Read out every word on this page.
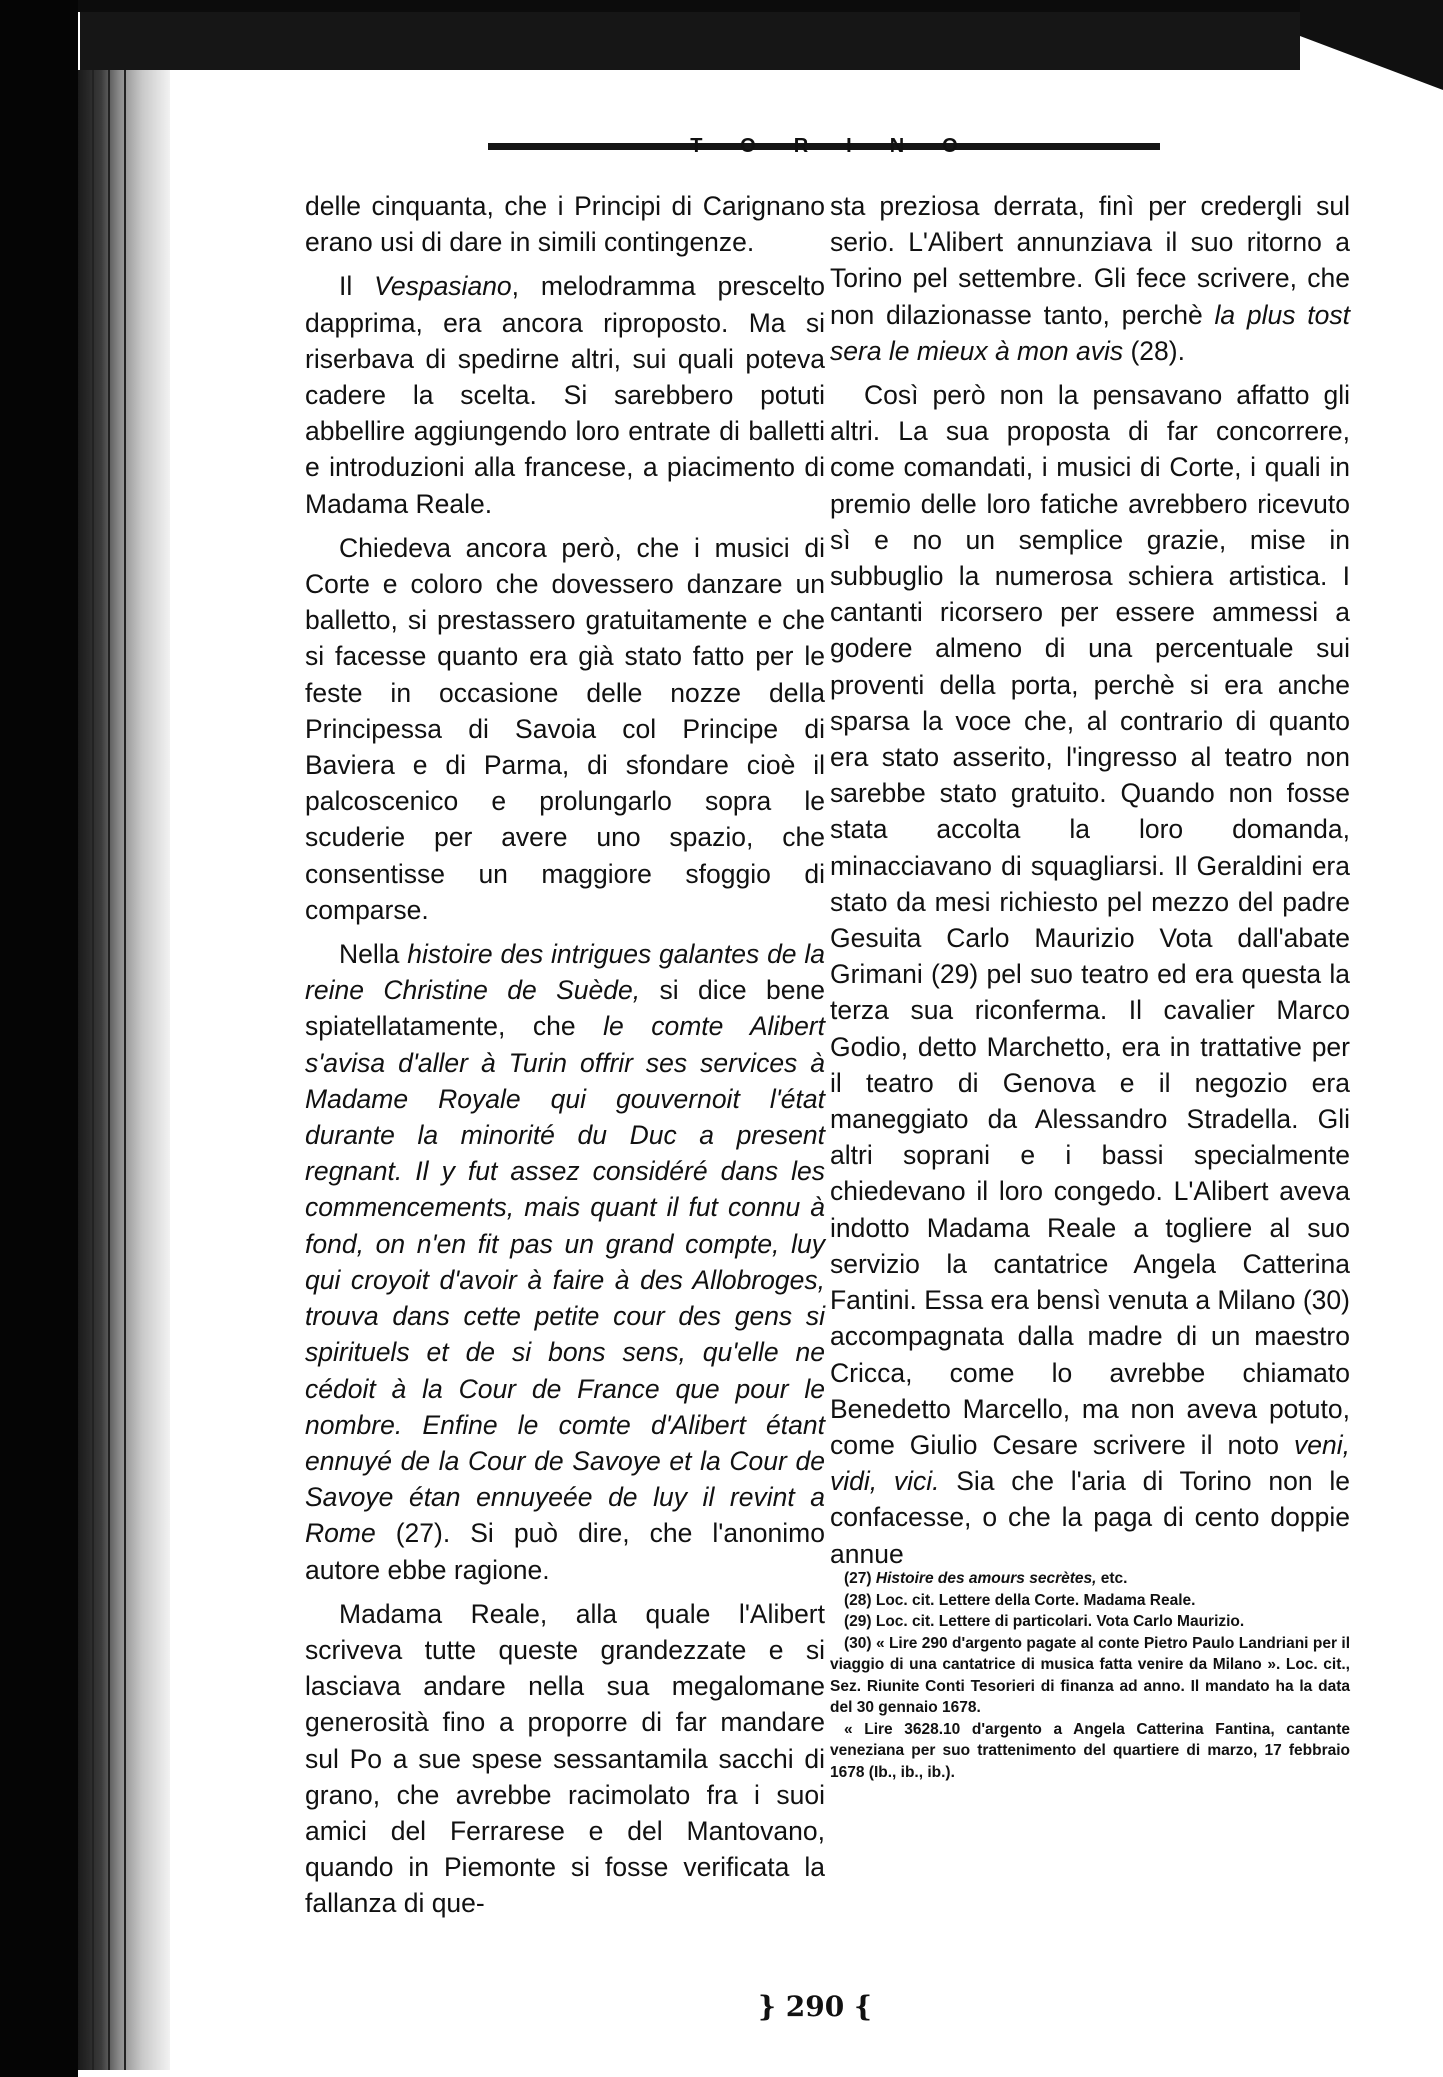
TORINO

delle cinquanta, che i Principi di Carignano erano usi di dare in simili contingenze.

Il Vespasiano, melodramma prescelto dapprima, era ancora riproposto. Ma si riserbava di spedirne altri, sui quali poteva cadere la scelta. Si sarebbero potuti abbellire aggiungendo loro entrate di balletti e introduzioni alla francese, a piacimento di Madama Reale.

Chiedeva ancora però, che i musici di Corte e coloro che dovessero danzare un balletto, si prestassero gratuitamente e che si facesse quanto era già stato fatto per le feste in occasione delle nozze della Principessa di Savoia col Principe di Baviera e di Parma, di sfondare cioè il palcoscenico e prolungarlo sopra le scuderie per avere uno spazio, che consentisse un maggiore sfoggio di comparse.

Nella histoire des intrigues galantes de la reine Christine de Suède, si dice bene spiatellatamente, che le comte Alibert s'avisa d'aller à Turin offrir ses services à Madame Royale qui gouvernoit l'état durante la minorité du Duc a present regnant. Il y fut assez considéré dans les commencements, mais quant il fut connu à fond, on n'en fit pas un grand compte, luy qui croyoit d'avoir à faire à des Allobroges, trouva dans cette petite cour des gens si spirituels et de si bons sens, qu'elle ne cédoit à la Cour de France que pour le nombre. Enfine le comte d'Alibert étant ennuyé de la Cour de Savoye et la Cour de Savoye étan ennuyeée de luy il revint a Rome (27). Si può dire, che l'anonimo autore ebbe ragione.

Madama Reale, alla quale l'Alibert scriveva tutte queste grandezzate e si lasciava andare nella sua megalomane generosità fino a proporre di far mandare sul Po a sue spese sessantamila sacchi di grano, che avrebbe racimolato fra i suoi amici del Ferrarese e del Mantovano, quando in Piemonte si fosse verificata la fallanza di que-

sta preziosa derrata, finì per credergli sul serio. L'Alibert annunziava il suo ritorno a Torino pel settembre. Gli fece scrivere, che non dilazionasse tanto, perchè la plus tost sera le mieux à mon avis (28).

Così però non la pensavano affatto gli altri. La sua proposta di far concorrere, come comandati, i musici di Corte, i quali in premio delle loro fatiche avrebbero ricevuto sì e no un semplice grazie, mise in subbuglio la numerosa schiera artistica. I cantanti ricorsero per essere ammessi a godere almeno di una percentuale sui proventi della porta, perchè si era anche sparsa la voce che, al contrario di quanto era stato asserito, l'ingresso al teatro non sarebbe stato gratuito. Quando non fosse stata accolta la loro domanda, minacciavano di squagliarsi. Il Geraldini era stato da mesi richiesto pel mezzo del padre Gesuita Carlo Maurizio Vota dall'abate Grimani (29) pel suo teatro ed era questa la terza sua riconferma. Il cavalier Marco Godio, detto Marchetto, era in trattative per il teatro di Genova e il negozio era maneggiato da Alessandro Stradella. Gli altri soprani e i bassi specialmente chiedevano il loro congedo. L'Alibert aveva indotto Madama Reale a togliere al suo servizio la cantatrice Angela Catterina Fantini. Essa era bensì venuta a Milano (30) accompagnata dalla madre di un maestro Cricca, come lo avrebbe chiamato Benedetto Marcello, ma non aveva potuto, come Giulio Cesare scrivere il noto veni, vidi, vici. Sia che l'aria di Torino non le confacesse, o che la paga di cento doppie annue

(27) Histoire des amours secrètes, etc.

(28) Loc. cit. Lettere della Corte. Madama Reale.

(29) Loc. cit. Lettere di particolari. Vota Carlo Maurizio.

(30) « Lire 290 d'argento pagate al conte Pietro Paulo Landriani per il viaggio di una cantatrice di musica fatta venire da Milano ». Loc. cit., Sez. Riunite Conti Tesorieri di finanza ad anno. Il mandato ha la data del 30 gennaio 1678.

« Lire 3628.10 d'argento a Angela Catterina Fantina, cantante veneziana per suo trattenimento del quartiere di marzo, 17 febbraio 1678 (Ib., ib., ib.).

} 290 {
